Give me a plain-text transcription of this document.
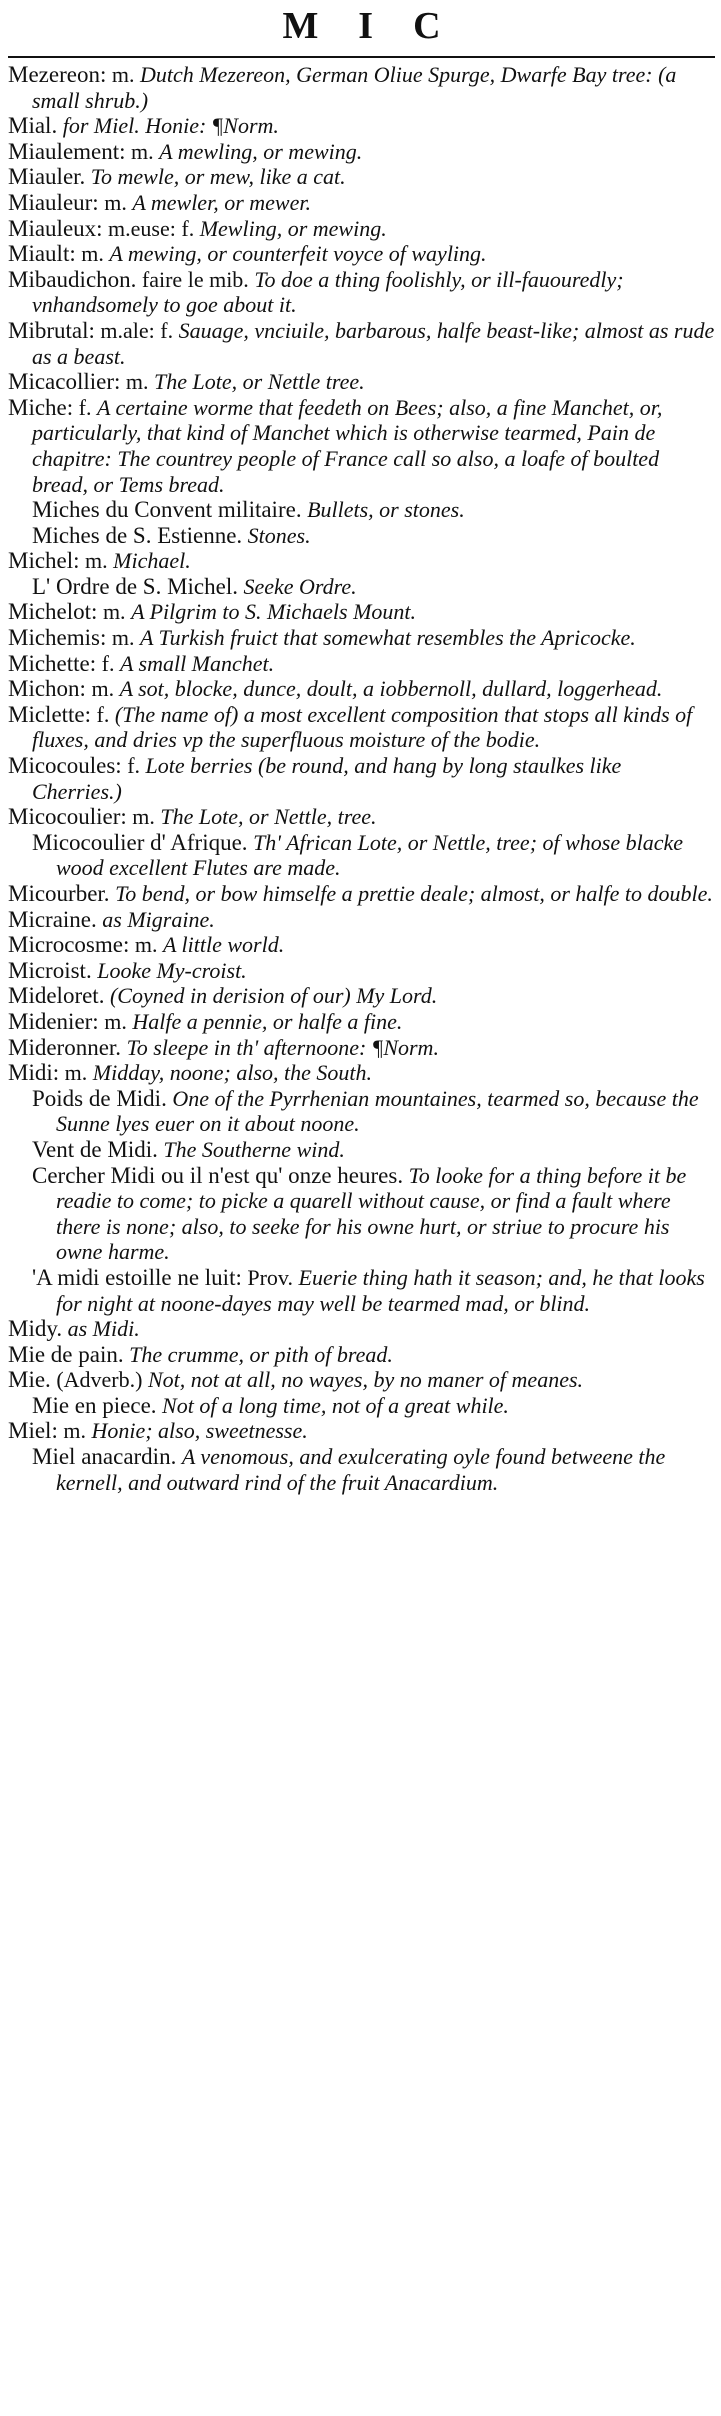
MIC

Mezereon: m. Dutch Mezereon, German Oliue Spurge, Dwarfe Bay tree: (a small shrub.)

Mial. for Miel. Honie: ¶Norm.

Miaulement: m. A mewling, or mewing.

Miauler. To mewle, or mew, like a cat.

Miauleur: m. A mewler, or mewer.

Miauleux: m.euse: f. Mewling, or mewing.

Miault: m. A mewing, or counterfeit voyce of wayling.

Mibaudichon. faire le mib. To doe a thing foolishly, or ill-fauouredly; vnhandsomely to goe about it.

Mibrutal: m.ale: f. Sauage, vnciuile, barbarous, halfe beast-like; almost as rude as a beast.

Micacollier: m. The Lote, or Nettle tree.

Miche: f. A certaine worme that feedeth on Bees; also, a fine Manchet, or, particularly, that kind of Manchet which is otherwise tearmed, Pain de chapitre: The countrey people of France call so also, a loafe of boulted bread, or Tems bread.

Miches du Convent militaire. Bullets, or stones.

Miches de S. Estienne. Stones.

Michel: m. Michael.

L' Ordre de S. Michel. Seeke Ordre.

Michelot: m. A Pilgrim to S. Michaels Mount.

Michemis: m. A Turkish fruict that somewhat resembles the Apricocke.

Michette: f. A small Manchet.

Michon: m. A sot, blocke, dunce, doult, a iobbernoll, dullard, loggerhead.

Miclette: f. (The name of) a most excellent composition that stops all kinds of fluxes, and dries vp the superfluous moisture of the bodie.

Micocoules: f. Lote berries (be round, and hang by long staulkes like Cherries.)

Micocoulier: m. The Lote, or Nettle, tree.

Micocoulier d' Afrique. Th' African Lote, or Nettle, tree; of whose blacke wood excellent Flutes are made.

Micourber. To bend, or bow himselfe a prettie deale; almost, or halfe to double.

Micraine. as Migraine.

Microcosme: m. A little world.

Microist. Looke My-croist.

Mideloret. (Coyned in derision of our) My Lord.

Midenier: m. Halfe a pennie, or halfe a fine.

Mideronner. To sleepe in th' afternoone: ¶Norm.

Midi: m. Midday, noone; also, the South.

Poids de Midi. One of the Pyrrhenian mountaines, tearmed so, because the Sunne lyes euer on it about noone.

Vent de Midi. The Southerne wind.

Cercher Midi ou il n'est qu' onze heures. To looke for a thing before it be readie to come; to picke a quarell without cause, or find a fault where there is none; also, to seeke for his owne hurt, or striue to procure his owne harme.

'A midi estoille ne luit: Prov. Euerie thing hath it season; and, he that looks for night at noone-dayes may well be tearmed mad, or blind.

Midy. as Midi.

Mie de pain. The crumme, or pith of bread.

Mie. (Adverb.) Not, not at all, no wayes, by no maner of meanes.

Mie en piece. Not of a long time, not of a great while.

Miel: m. Honie; also, sweetnesse.

Miel anacardin. A venomous, and exulcerating oyle found betweene the kernell, and outward rind of the fruit Anacardium.
